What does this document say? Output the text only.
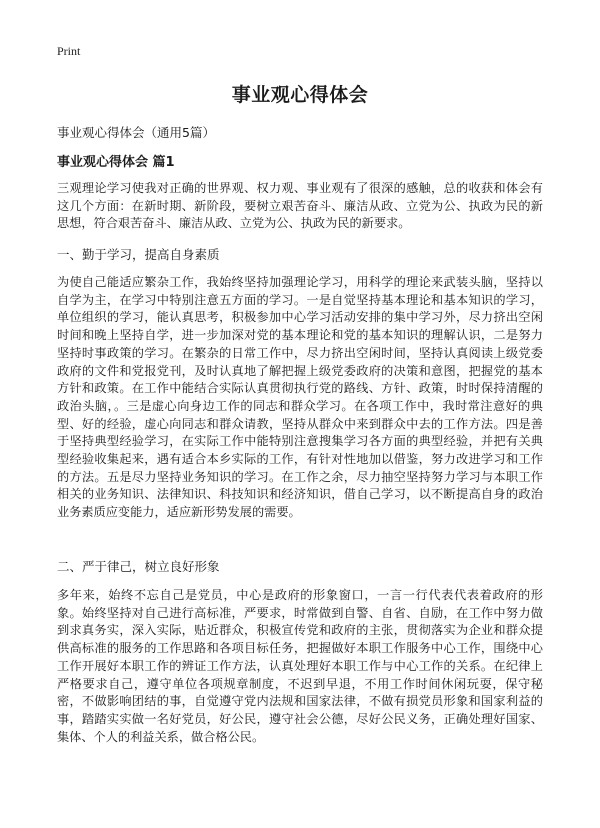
Print
事业观心得体会
事业观心得体会（通用5篇）
事业观心得体会 篇1

三观理论学习使我对正确的世界观、权力观、事业观有了很深的感触，总的收获和体会有这几个方面：在新时期、新阶段，要树立艰苦奋斗、廉洁从政、立党为公、执政为民的新思想，符合艰苦奋斗、廉洁从政、立党为公、执政为民的新要求。

一、勤于学习，提高自身素质

为使自己能适应繁杂工作，我始终坚持加强理论学习，用科学的理论来武装头脑，坚持以自学为主，在学习中特别注意五方面的学习。一是自觉坚持基本理论和基本知识的学习，单位组织的学习，能认真思考，积极参加中心学习活动安排的集中学习外，尽力挤出空闲时间和晚上坚持自学，进一步加深对党的基本理论和党的基本知识的理解认识，二是努力坚持时事政策的学习。在繁杂的日常工作中，尽力挤出空闲时间，坚持认真阅读上级党委政府的文件和党报党刊，及时认真地了解把握上级党委政府的决策和意图，把握党的基本方针和政策。在工作中能结合实际认真贯彻执行党的路线、方针、政策，时时保持清醒的政治头脑，。三是虚心向身边工作的同志和群众学习。在各项工作中，我时常注意好的典型、好的经验，虚心向同志和群众请教，坚持从群众中来到群众中去的工作方法。四是善于坚持典型经验学习，在实际工作中能特别注意搜集学习各方面的典型经验，并把有关典型经验收集起来，遇有适合本乡实际的工作，有针对性地加以借鉴，努力改进学习和工作的方法。五是尽力坚持业务知识的学习。在工作之余，尽力抽空坚持努力学习与本职工作相关的业务知识、法律知识、科技知识和经济知识，借自己学习，以不断提高自身的政治业务素质应变能力，适应新形势发展的需要。

二、严于律己，树立良好形象

多年来，始终不忘自己是党员，中心是政府的形象窗口，一言一行代表代表着政府的形象。始终坚持对自己进行高标准，严要求，时常做到自警、自省、自励，在工作中努力做到求真务实，深入实际，贴近群众，积极宣传党和政府的主张，贯彻落实为企业和群众提供高标准的服务的工作思路和各项目标任务，把握做好本职工作服务中心工作，围绕中心工作开展好本职工作的辨证工作方法，认真处理好本职工作与中心工作的关系。在纪律上严格要求自己，遵守单位各项规章制度，不迟到早退，不用工作时间休闲玩耍，保守秘密，不做影响团结的事，自觉遵守党内法规和国家法律，不做有损党员形象和国家利益的事，踏踏实实做一名好党员，好公民，遵守社会公德，尽好公民义务，正确处理好国家、集体、个人的利益关系，做合格公民。
